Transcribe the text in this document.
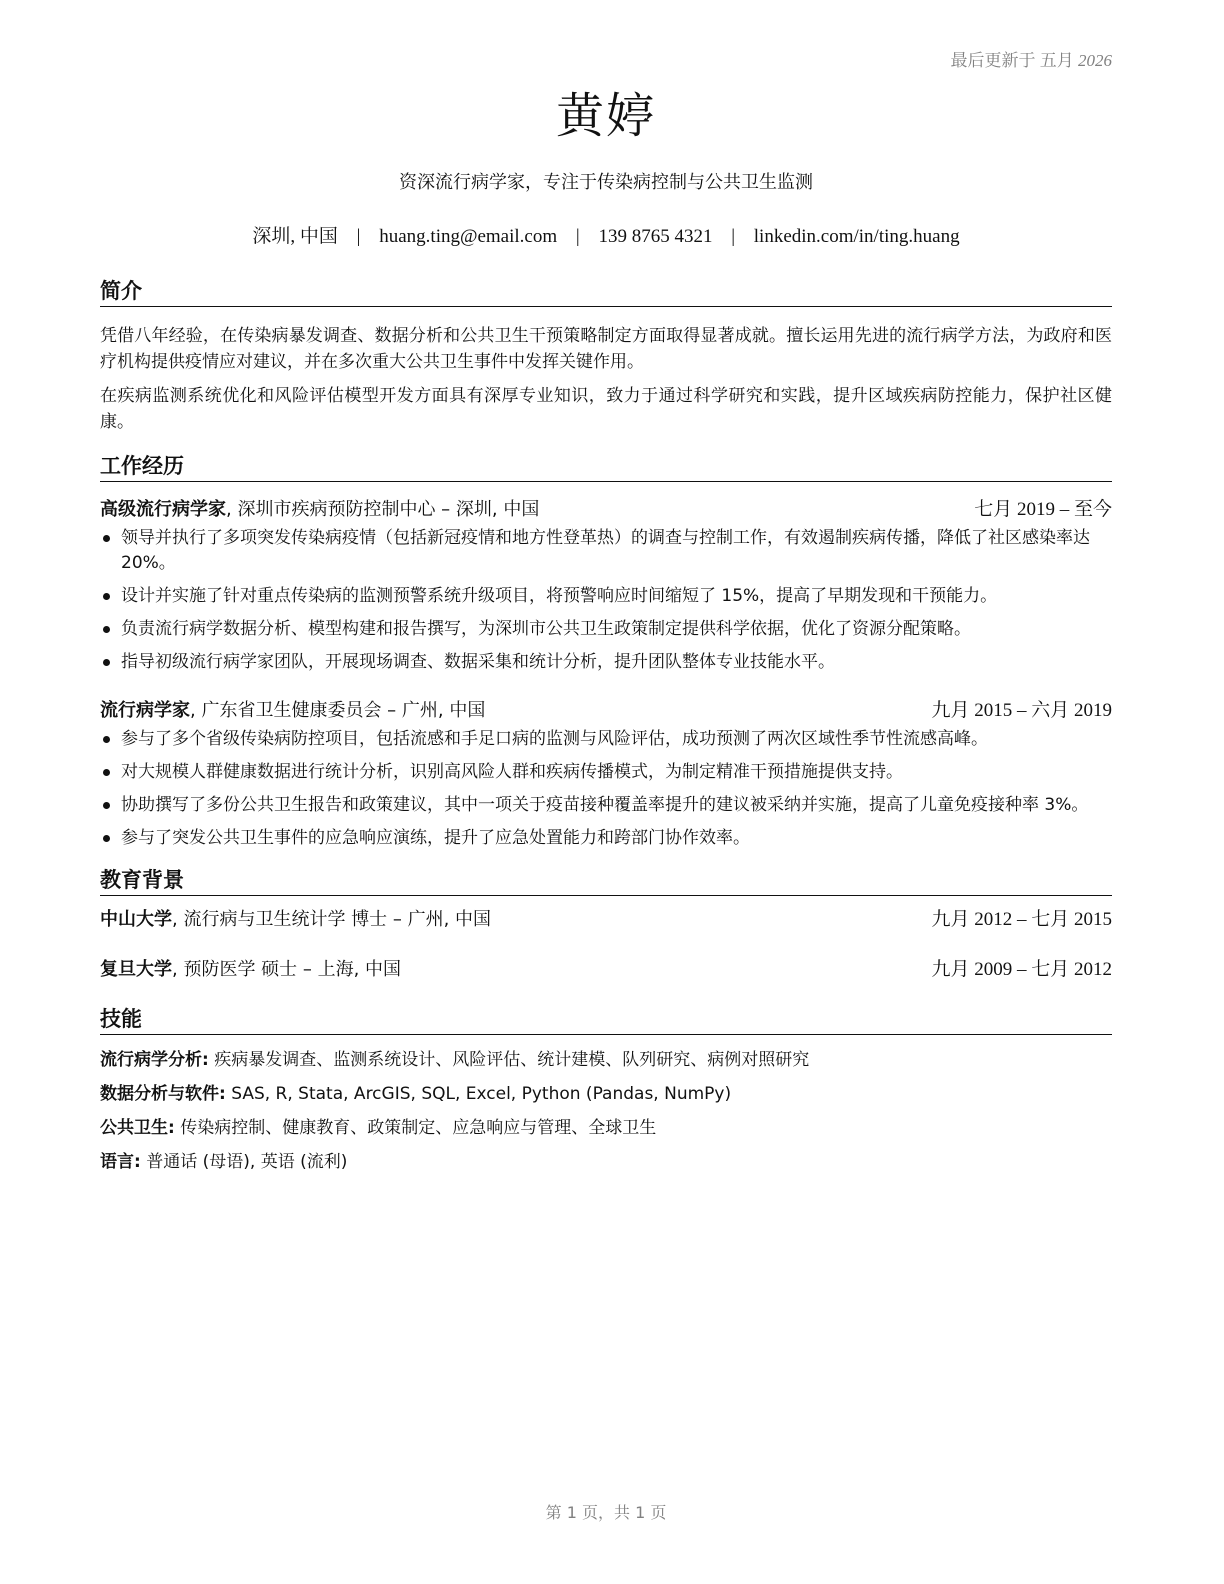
最后更新于 五月 2026
黄婷
资深流行病学家，专注于传染病控制与公共卫生监测
深圳, 中国 | huang.ting@email.com | 139 8765 4321 | linkedin.com/in/ting.huang
简介

凭借八年经验，在传染病暴发调查、数据分析和公共卫生干预策略制定方面取得显著成就。擅长运用先进的流行病学方法，为政府和医疗机构提供疫情应对建议，并在多次重大公共卫生事件中发挥关键作用。

在疾病监测系统优化和风险评估模型开发方面具有深厚专业知识，致力于通过科学研究和实践，提升区域疾病防控能力，保护社区健康。

工作经历
高级流行病学家, 深圳市疾病预防控制中心 – 深圳, 中国	七月 2019 – 至今
领导并执行了多项突发传染病疫情（包括新冠疫情和地方性登革热）的调查与控制工作，有效遏制疾病传播，降低了社区感染率达 20%。
设计并实施了针对重点传染病的监测预警系统升级项目，将预警响应时间缩短了 15%，提高了早期发现和干预能力。
负责流行病学数据分析、模型构建和报告撰写，为深圳市公共卫生政策制定提供科学依据，优化了资源分配策略。
指导初级流行病学家团队，开展现场调查、数据采集和统计分析，提升团队整体专业技能水平。
流行病学家, 广东省卫生健康委员会 – 广州, 中国	九月 2015 – 六月 2019
参与了多个省级传染病防控项目，包括流感和手足口病的监测与风险评估，成功预测了两次区域性季节性流感高峰。
对大规模人群健康数据进行统计分析，识别高风险人群和疾病传播模式，为制定精准干预措施提供支持。
协助撰写了多份公共卫生报告和政策建议，其中一项关于疫苗接种覆盖率提升的建议被采纳并实施，提高了儿童免疫接种率 3%。
参与了突发公共卫生事件的应急响应演练，提升了应急处置能力和跨部门协作效率。
教育背景
中山大学, 流行病与卫生统计学 博士 – 广州, 中国	九月 2012 – 七月 2015
复旦大学, 预防医学 硕士 – 上海, 中国	九月 2009 – 七月 2012
技能
流行病学分析: 疾病暴发调查、监测系统设计、风险评估、统计建模、队列研究、病例对照研究
数据分析与软件: SAS, R, Stata, ArcGIS, SQL, Excel, Python (Pandas, NumPy)
公共卫生: 传染病控制、健康教育、政策制定、应急响应与管理、全球卫生
语言: 普通话 (母语), 英语 (流利)
第 1 页，共 1 页
